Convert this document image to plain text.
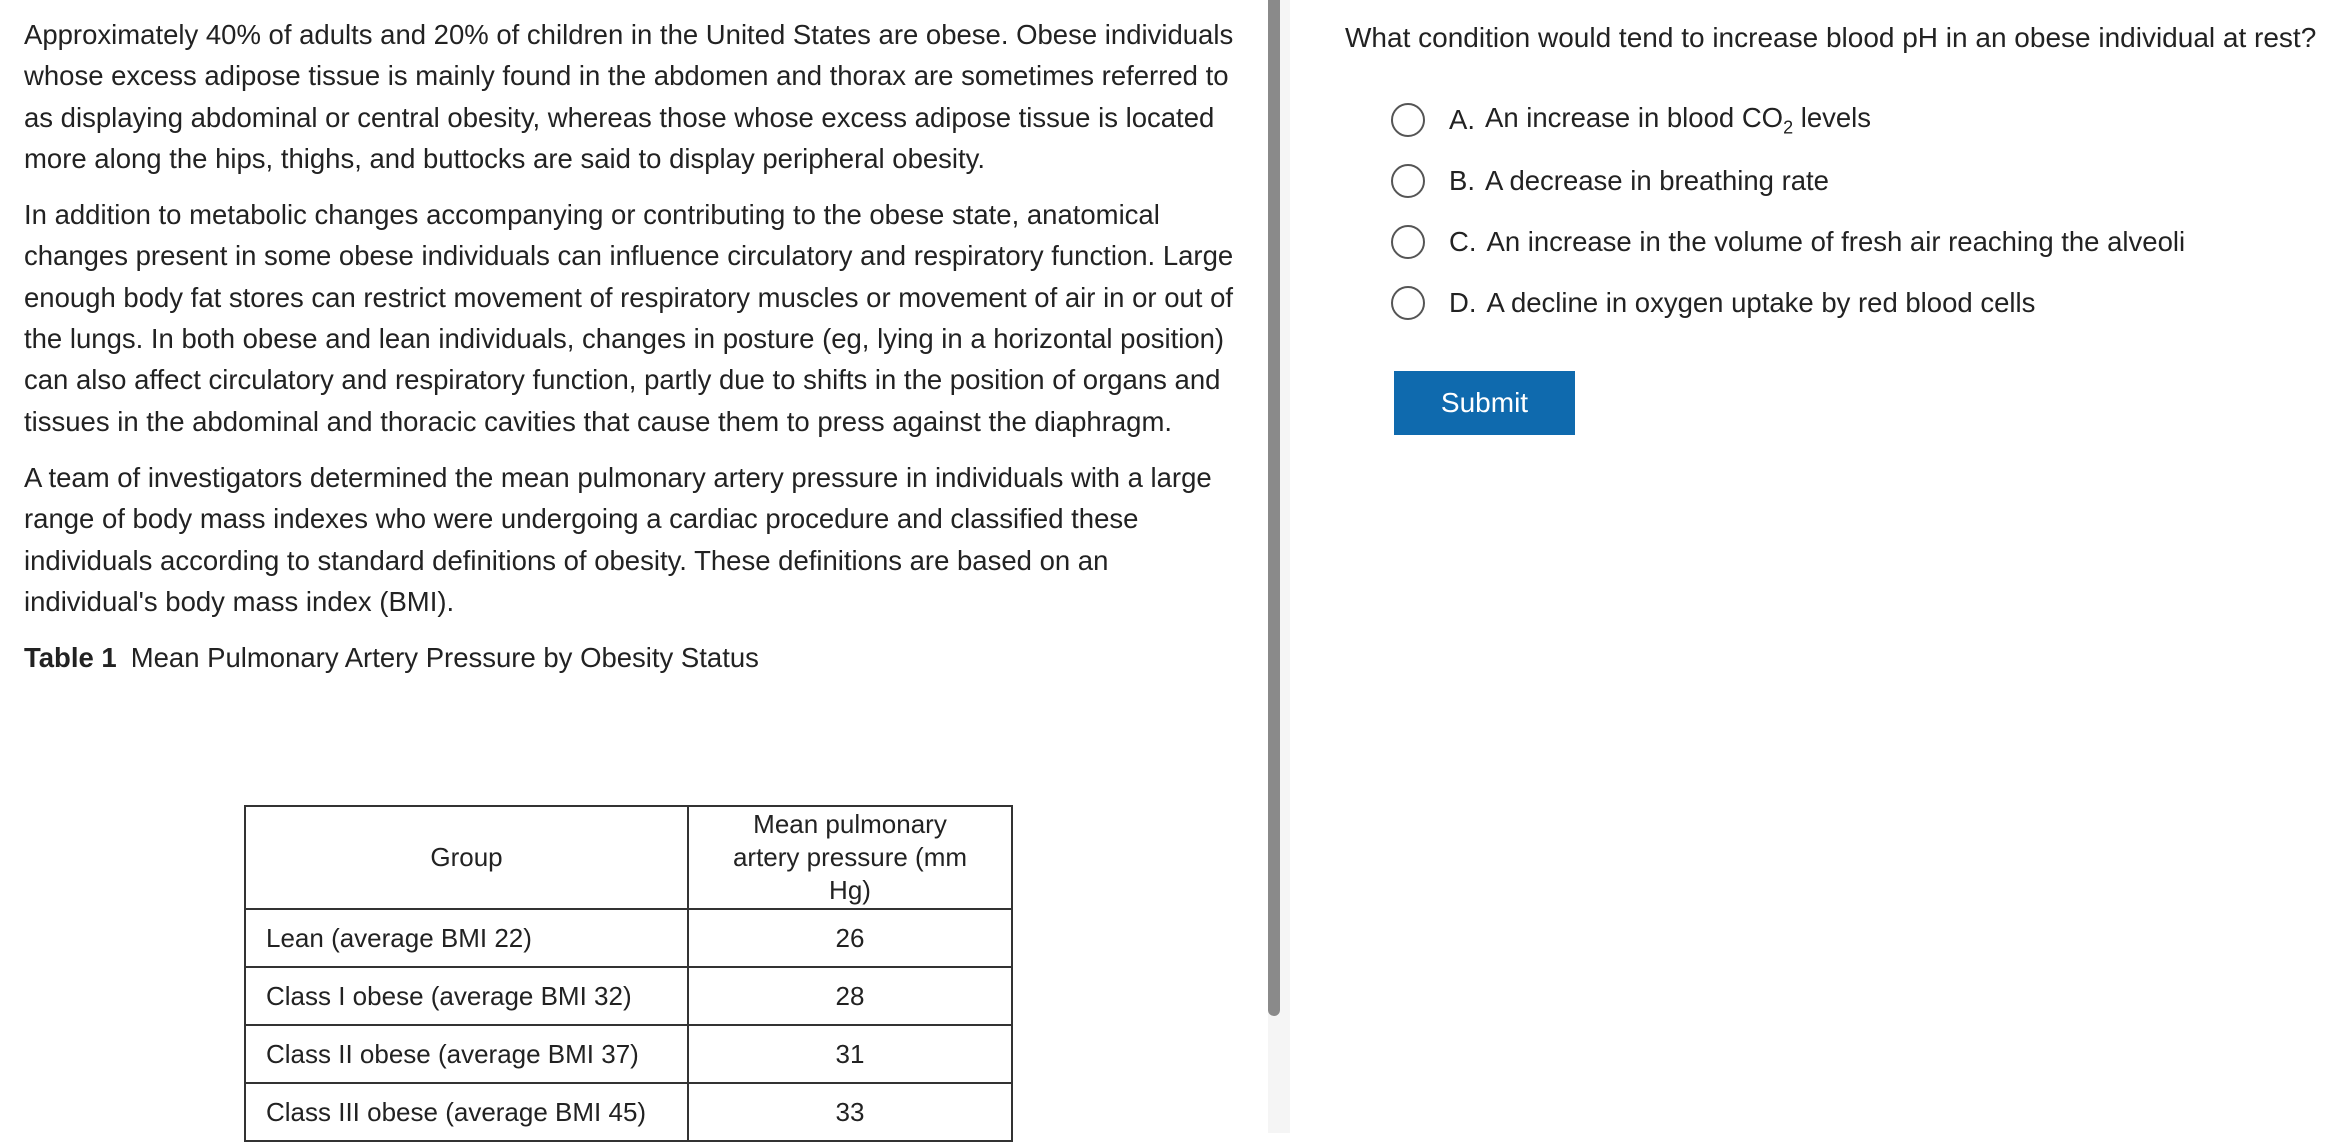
Approximately 40% of adults and 20% of children in the United States are obese. Obese individuals whose excess adipose tissue is mainly found in the abdomen and thorax are sometimes referred to as displaying abdominal or central obesity, whereas those whose excess adipose tissue is located more along the hips, thighs, and buttocks are said to display peripheral obesity.

In addition to metabolic changes accompanying or contributing to the obese state, anatomical changes present in some obese individuals can influence circulatory and respiratory function. Large enough body fat stores can restrict movement of respiratory muscles or movement of air in or out of the lungs. In both obese and lean individuals, changes in posture (eg, lying in a horizontal position) can also affect circulatory and respiratory function, partly due to shifts in the position of organs and tissues in the abdominal and thoracic cavities that cause them to press against the diaphragm.

A team of investigators determined the mean pulmonary artery pressure in individuals with a large range of body mass indexes who were undergoing a cardiac procedure and classified these individuals according to standard definitions of obesity. These definitions are based on an individual's body mass index (BMI).

Table 1 Mean Pulmonary Artery Pressure by Obesity Status
Group	Mean pulmonary artery pressure (mm Hg)

Lean (average BMI 22)	26
Class I obese (average BMI 32)	28
Class II obese (average BMI 37)	31
Class III obese (average BMI 45)	33
What condition would tend to increase blood pH in an obese individual at rest?
A. An increase in blood $CO_2$ levels
B. A decrease in breathing rate
C. An increase in the volume of fresh air reaching the alveoli
D. A decline in oxygen uptake by red blood cells
Submit
